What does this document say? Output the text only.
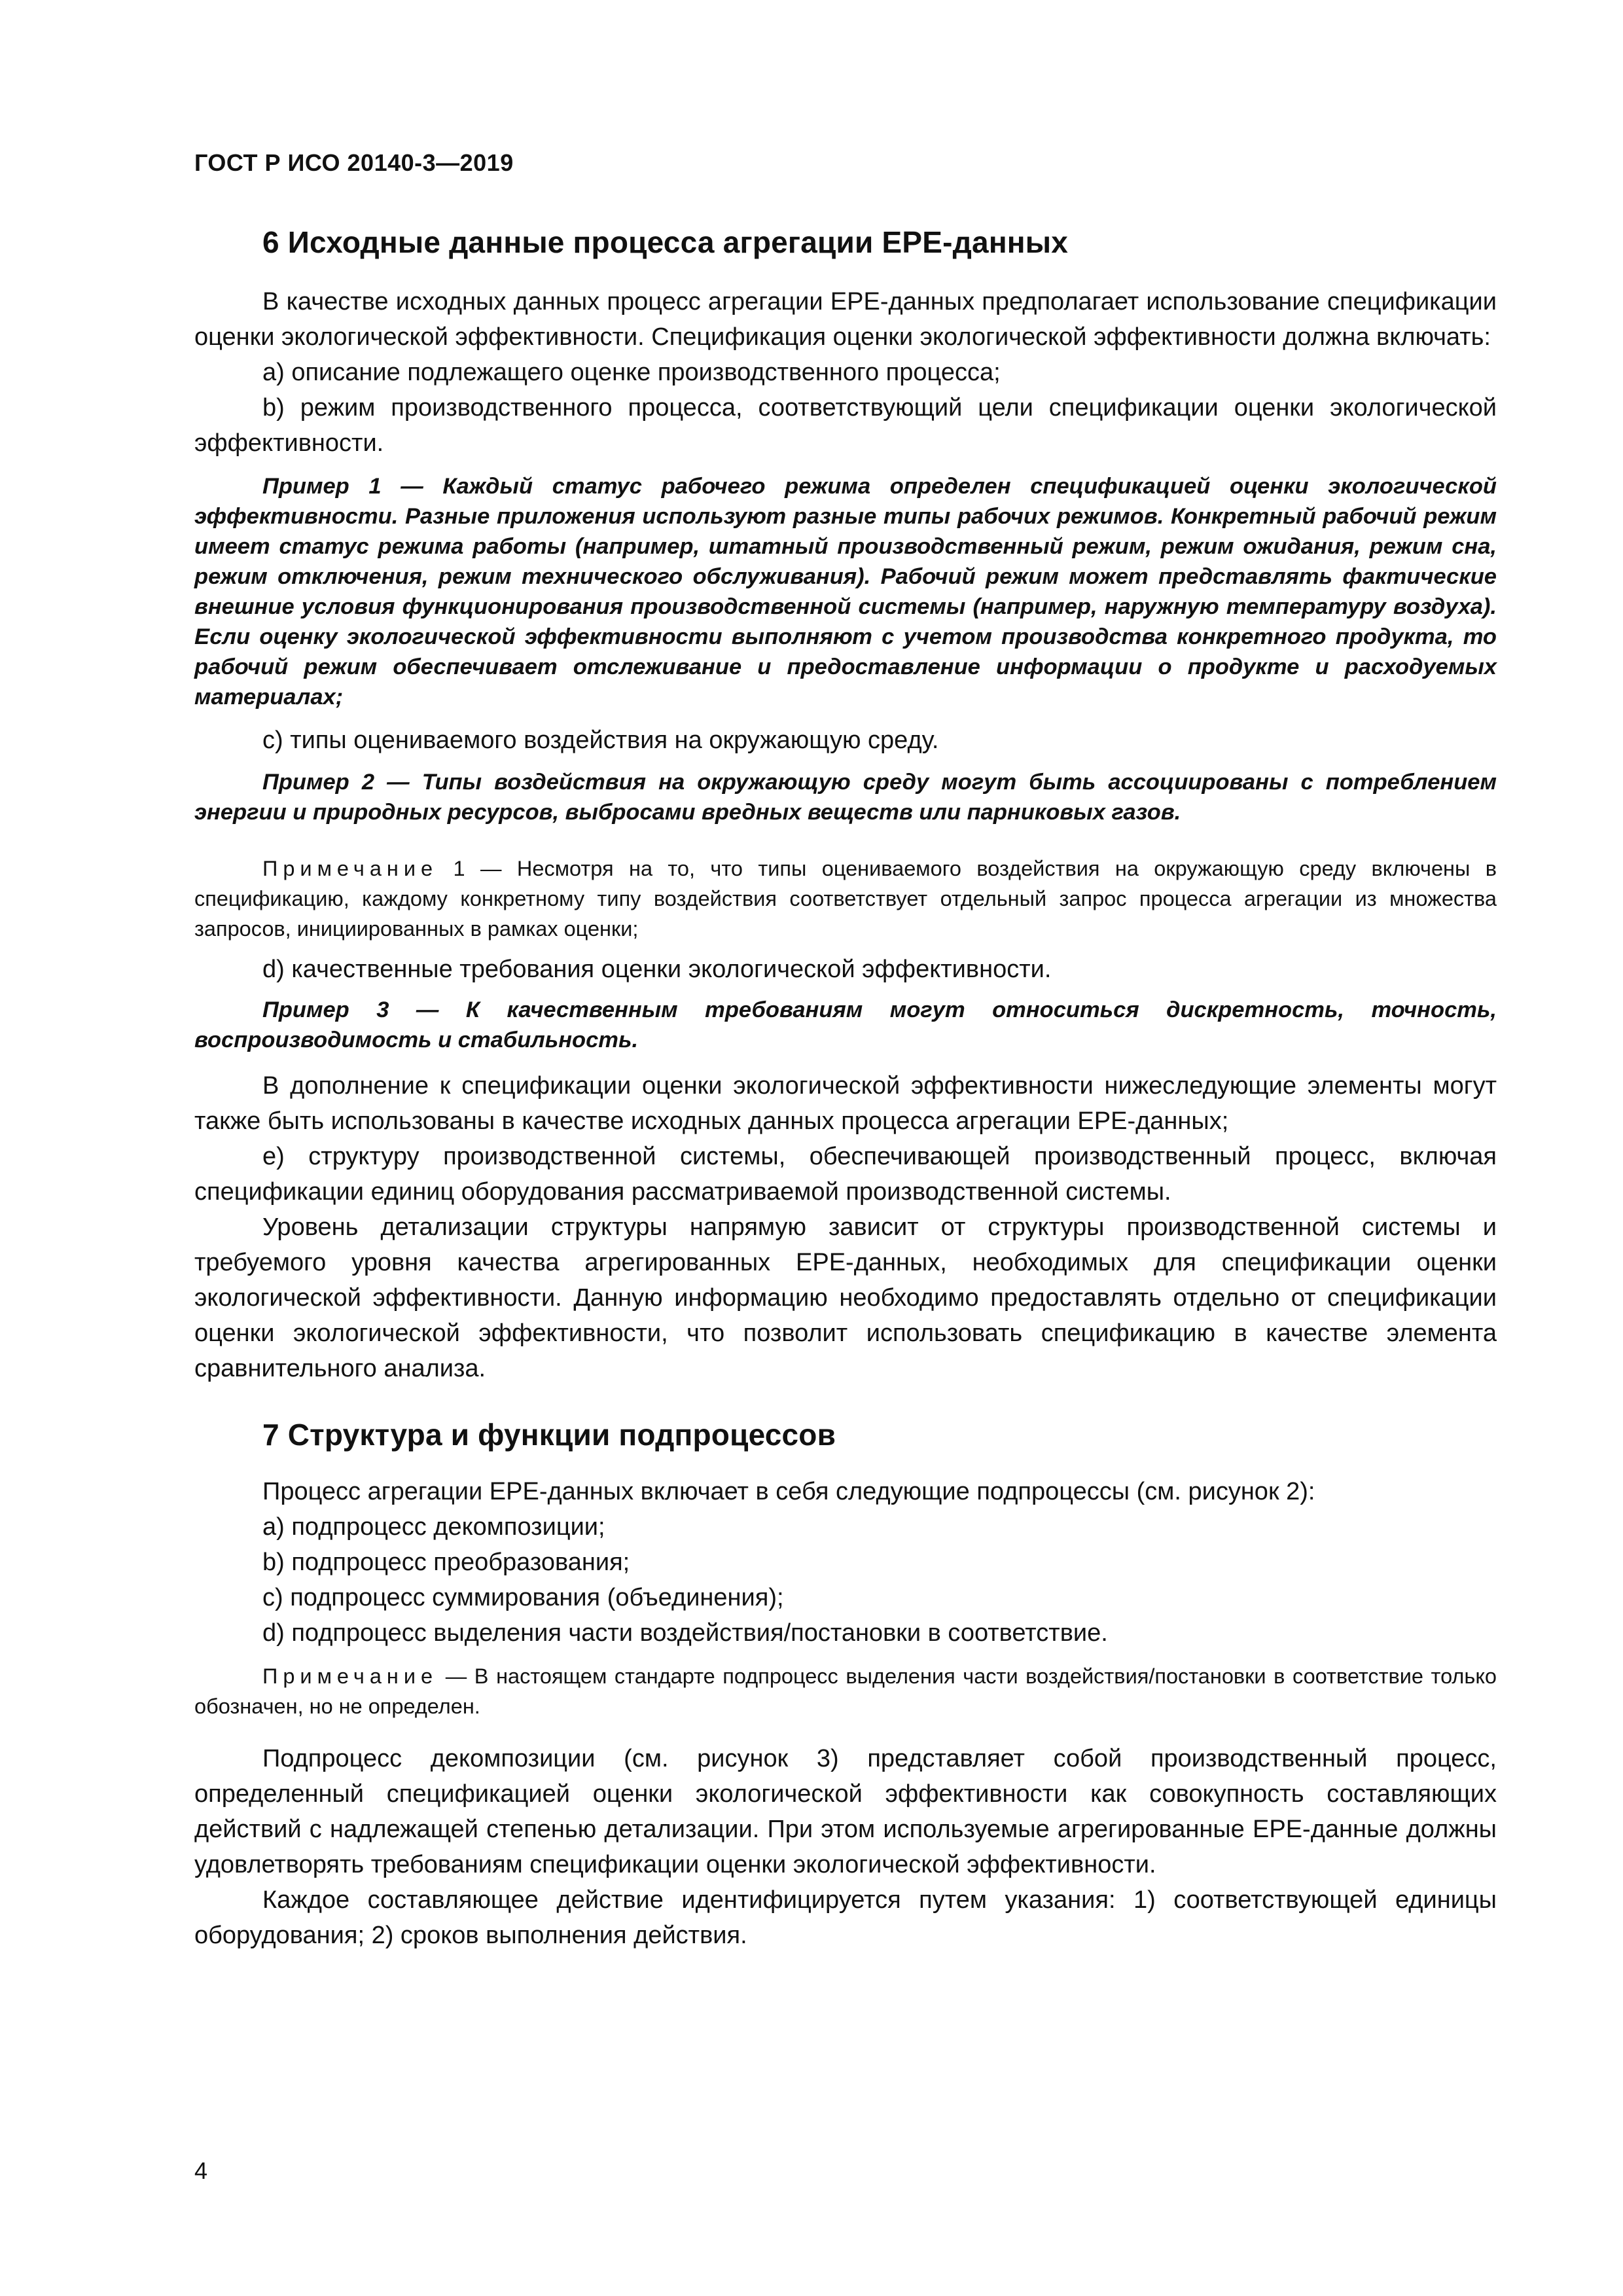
ГОСТ Р ИСО 20140-3—2019
6 Исходные данные процесса агрегации EPE-данных

В качестве исходных данных процесс агрегации EPE-данных предполагает использование спецификации оценки экологической эффективности. Спецификация оценки экологической эффективности должна включать:

a) описание подлежащего оценке производственного процесса;

b) режим производственного процесса, соответствующий цели спецификации оценки экологической эффективности.

Пример 1 — Каждый статус рабочего режима определен спецификацией оценки экологической эффективности. Разные приложения используют разные типы рабочих режимов. Конкретный рабочий режим имеет статус режима работы (например, штатный производственный режим, режим ожидания, режим сна, режим отключения, режим технического обслуживания). Рабочий режим может представлять фактические внешние условия функционирования производственной системы (например, наружную температуру воздуха). Если оценку экологической эффективности выполняют с учетом производства конкретного продукта, то рабочий режим обеспечивает отслеживание и предоставление информации о продукте и расходуемых материалах;

c) типы оцениваемого воздействия на окружающую среду.

Пример 2 — Типы воздействия на окружающую среду могут быть ассоциированы с потреблением энергии и природных ресурсов, выбросами вредных веществ или парниковых газов.

Примечание 1 — Несмотря на то, что типы оцениваемого воздействия на окружающую среду включены в спецификацию, каждому конкретному типу воздействия соответствует отдельный запрос процесса агрегации из множества запросов, инициированных в рамках оценки;

d) качественные требования оценки экологической эффективности.

Пример 3 — К качественным требованиям могут относиться дискретность, точность, воспроизводимость и стабильность.

В дополнение к спецификации оценки экологической эффективности нижеследующие элементы могут также быть использованы в качестве исходных данных процесса агрегации EPE-данных;

e) структуру производственной системы, обеспечивающей производственный процесс, включая спецификации единиц оборудования рассматриваемой производственной системы.

Уровень детализации структуры напрямую зависит от структуры производственной системы и требуемого уровня качества агрегированных EPE-данных, необходимых для спецификации оценки экологической эффективности. Данную информацию необходимо предоставлять отдельно от спецификации оценки экологической эффективности, что позволит использовать спецификацию в качестве элемента сравнительного анализа.

7 Структура и функции подпроцессов

Процесс агрегации EPE-данных включает в себя следующие подпроцессы (см. рисунок 2):

a) подпроцесс декомпозиции;

b) подпроцесс преобразования;

c) подпроцесс суммирования (объединения);

d) подпроцесс выделения части воздействия/постановки в соответствие.

Примечание — В настоящем стандарте подпроцесс выделения части воздействия/постановки в соответствие только обозначен, но не определен.

Подпроцесс декомпозиции (см. рисунок 3) представляет собой производственный процесс, определенный спецификацией оценки экологической эффективности как совокупность составляющих действий с надлежащей степенью детализации. При этом используемые агрегированные EPE-данные должны удовлетворять требованиям спецификации оценки экологической эффективности.

Каждое составляющее действие идентифицируется путем указания: 1) соответствующей единицы оборудования; 2) сроков выполнения действия.

4
